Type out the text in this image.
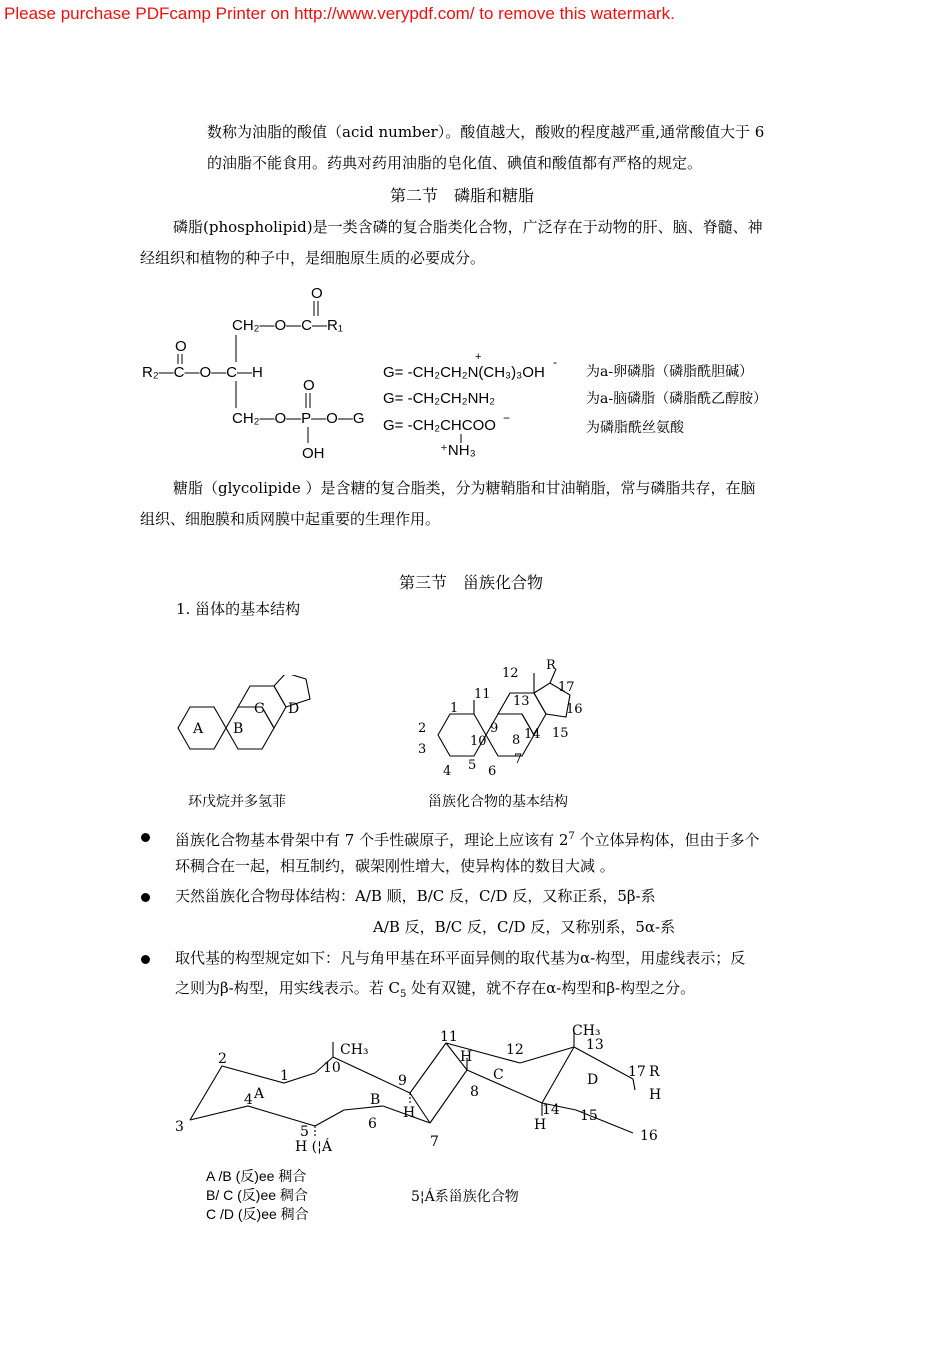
Please purchase PDFcamp Printer on http://www.verypdf.com/ to remove this watermark.
数称为油脂的酸值（acid number）。酸值越大，酸败的程度越严重,通常酸值大于 6
的油脂不能食用。药典对药用油脂的皂化值、碘值和酸值都有严格的规定。
第二节　磷脂和糖脂
磷脂(phospholipid)是一类含磷的复合脂类化合物，广泛存在于动物的肝、脑、脊髓、神
经组织和植物的种子中，是细胞原生质的必要成分。
O
CH₂—O—C—R₁
O
R₂—C—O—C—H
O
CH₂—O—P—O—G
OH
+	-
G= -CH₂CH₂N(CH₃)₃OH
G= -CH₂CH₂NH₂
G= -CH₂CHCOO −
⁺NH₃
为a-卵磷脂（磷脂酰胆碱）
为a-脑磷脂（磷脂酰乙醇胺）
为磷脂酰丝氨酸
糖脂（glycolipide ）是含糖的复合脂类，分为糖鞘脂和甘油鞘脂，常与磷脂共存，在脑
组织、细胞膜和质网膜中起重要的生理作用。
第三节　甾族化合物
1. 甾体的基本结构
A B
C D
环戊烷并多氢菲
1
2
3
4 5 6
7
8
9
10
11
12
13
14 15
16
17
R
甾族化合物的基本结构
甾族化合物基本骨架中有 7 个手性碳原子，理论上应该有 $2^7$ 个立体异构体，但由于多个
环稠合在一起，相互制约，碳架刚性增大，使异构体的数目大减 。
天然甾族化合物母体结构：A/B 顺，B/C 反，C/D 反，又称正系，5β-系
A/B 反，B/C 反，C/D 反，又称别系，5α-系
取代基的构型规定如下：凡与角甲基在环平面异侧的取代基为α-构型，用虚线表示；反
之则为β-构型，用实线表示。若 $C_5$ 处有双键，就不存在α-构型和β-构型之分。
2
1
3
4 A
5
H (¦Á
CH₃
10
B
6
9
H
7
11
H
8
C
12
CH₃
13
D 17 R
H
14
H
15
16
A /B (反)ee 稠合
B/ C (反)ee 稠合
C /D (反)ee 稠合
5¦Á系甾族化合物
